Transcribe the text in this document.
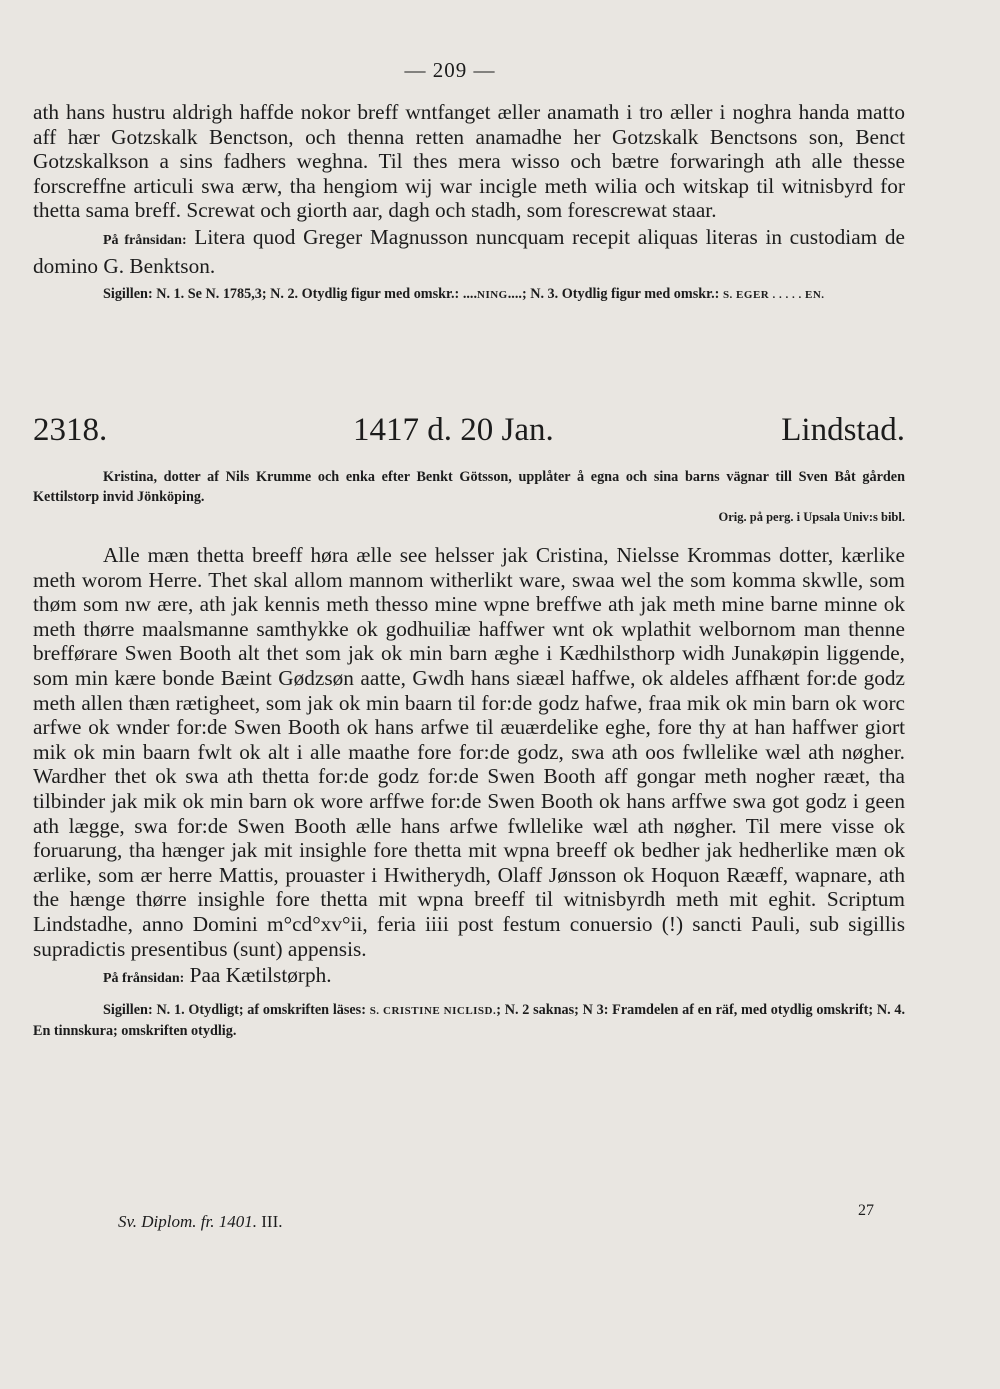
— 209 —

ath hans hustru aldrigh haffde nokor breff wntfanget æller anamath i tro æller i noghra handa matto aff hær Gotzskalk Benctson, och thenna retten anamadhe her Gotzskalk Benctsons son, Benct Gotzskalkson a sins fadhers weghna. Til thes mera wisso och bætre forwaringh ath alle thesse forscreffne articuli swa ærw, tha hengiom wij war incigle meth wilia och witskap til witnisbyrd for thetta sama breff. Screwat och giorth aar, dagh och stadh, som forescrewat staar.

På frånsidan: Litera quod Greger Magnusson nuncquam recepit aliquas literas in custodiam de domino G. Benktson.

Sigillen: N. 1. Se N. 1785,3; N. 2. Otydlig figur med omskr.: ....NING....; N. 3. Otydlig figur med omskr.: S. EGER . . . . . EN.

2318.	1417 d. 20 Jan.	Lindstad.

Kristina, dotter af Nils Krumme och enka efter Benkt Götsson, upplåter å egna och sina barns vägnar till Sven Båt gården Kettilstorp invid Jönköping.

Orig. på perg. i Upsala Univ:s bibl.

Alle mæn thetta breeff høra ælle see helsser jak Cristina, Nielsse Krommas dotter, kærlike meth worom Herre. Thet skal allom mannom witherlikt ware, swaa wel the som komma skwlle, som thøm som nw ære, ath jak kennis meth thesso mine wpne breffwe ath jak meth mine barne minne ok meth thørre maalsmanne samthykke ok godhuiliæ haffwer wnt ok wplathit welbornom man thenne brefførare Swen Booth alt thet som jak ok min barn æghe i Kædhilsthorp widh Junakøpin liggende, som min kære bonde Bæint Gødzsøn aatte, Gwdh hans siææl haffwe, ok aldeles affhænt for:de godz meth allen thæn rætigheet, som jak ok min baarn til for:de godz hafwe, fraa mik ok min barn ok worc arfwe ok wnder for:de Swen Booth ok hans arfwe til æuærdelike eghe, fore thy at han haffwer giort mik ok min baarn fwlt ok alt i alle maathe fore for:de godz, swa ath oos fwllelike wæl ath nøgher. Wardher thet ok swa ath thetta for:de godz for:de Swen Booth aff gongar meth nogher rææt, tha tilbinder jak mik ok min barn ok wore arffwe for:de Swen Booth ok hans arffwe swa got godz i geen ath lægge, swa for:de Swen Booth ælle hans arfwe fwllelike wæl ath nøgher. Til mere visse ok foruarung, tha hænger jak mit insighle fore thetta mit wpna breeff ok bedher jak hedherlike mæn ok ærlike, som ær herre Mattis, prouaster i Hwitherydh, Olaff Jønsson ok Hoquon Rææff, wapnare, ath the hænge thørre insighle fore thetta mit wpna breeff til witnisbyrdh meth mit eghit. Scriptum Lindstadhe, anno Domini m°cd°xv°ii, feria iiii post festum conuersio (!) sancti Pauli, sub sigillis supradictis presentibus (sunt) appensis.

På frånsidan: Paa Kætilstørph.

Sigillen: N. 1. Otydligt; af omskriften läses: S. CRISTINE NICLISD.; N. 2 saknas; N 3: Framdelen af en räf, med otydlig omskrift; N. 4. En tinnskura; omskriften otydlig.

Sv. Diplom. fr. 1401. III.
27
